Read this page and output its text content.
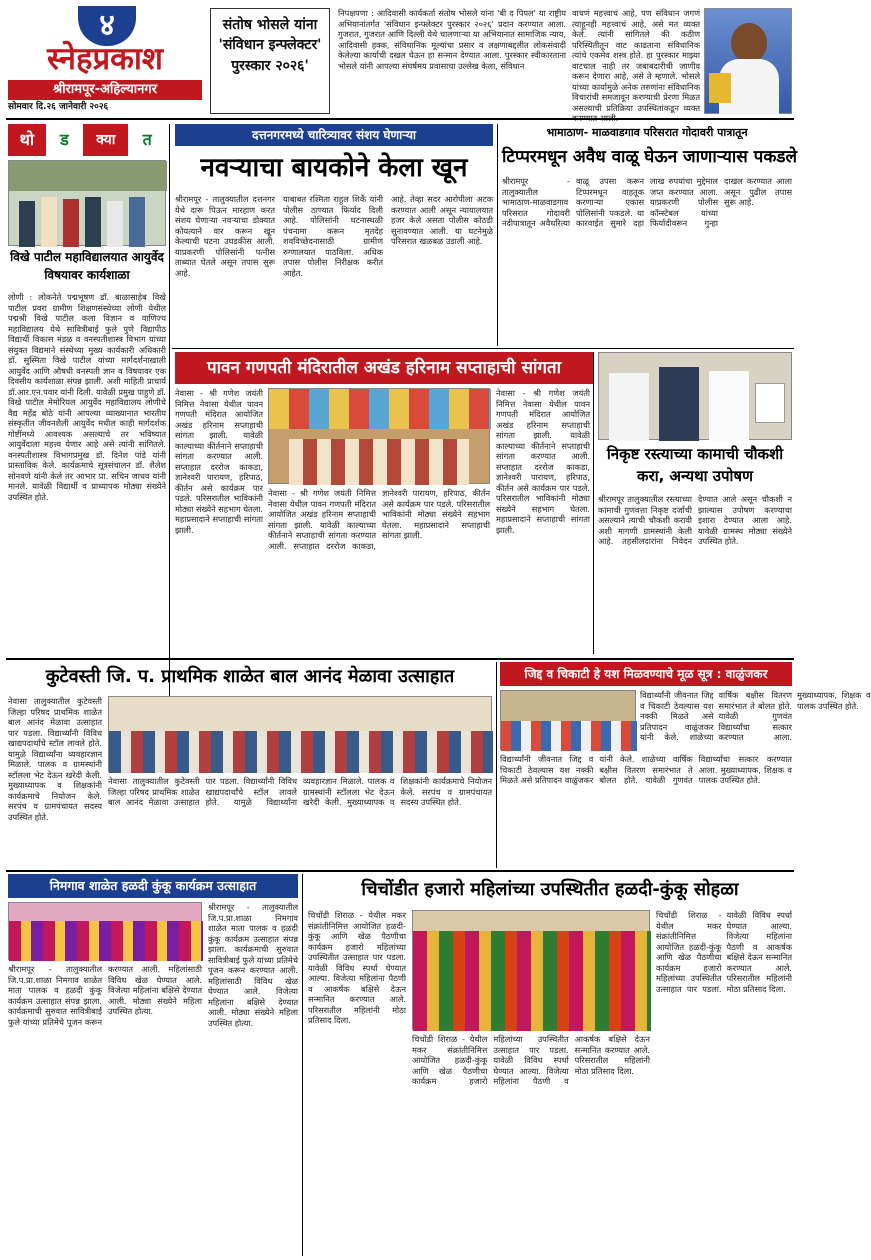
४
स्नेहप्रकाश
श्रीरामपूर-अहिल्यानगर
सोमवार दि.२६ जानेवारी २०२६
संतोष भोसले यांना 'संविधान इन्फ्लेक्टर' पुरस्कार २०२६'
निपक्षपणा : आदिवासी कार्यकर्ता संतोष भोसले यांना 'बी द पिपल' या राष्ट्रीय अभियानांतर्गत 'संविधान इन्फ्लेक्टर पुरस्कार २०२६' प्रदान करण्यात आला. गुजरात, गुजरात आणि दिल्ली येथे चालणाऱ्या या अभियानात सामाजिक न्याय, आदिवासी हक्क, संविधानिक मूल्यांचा प्रसार व लक्षणाबद्दलीत लोकसंवादी केलेल्या कार्याची दखल घेऊन हा सन्मान देण्यात आला. पुरस्कार स्वीकारताना भोसले यांनी आपल्या संघर्षमय प्रवासाचा उल्लेख केला, संविधान
वाचणं महत्त्वाचं आहे, पण संविधान जगणं त्याहूनही महत्त्वाचं आहे, असे मत व्यक्त केले. त्यांनी सांगितले की कठीण परिस्थितीतून वाट काढताना संविधानिक त्यांचे एकमेव शस्त्र होते. हा पुरस्कार माझ्या वाटचाल नाही तर जबाबदारीची जाणीव करून देणारा आहे, असे ते म्हणाले. भोसले यांच्या कार्यामुळे अनेक तरुणांना संविधानिक विचारांची समजावून करण्याची प्रेरणा मिळत असल्याची प्रतिक्रिया उपस्थितांकडून व्यक्त
थो	ड	क्या	त
विखे पाटील महाविद्यालयात आयुर्वेद विषयावर कार्यशाळा
लोणी : लोकनेते पद्मभूषण डॉ. बाळासाहेब विखे पाटील प्रवरा ग्रामीण शिक्षणसंस्थेच्या लोणी येथील पद्मश्री विखे पाटील कला विज्ञान व वाणिज्य महाविद्यालय येथे सावित्रीबाई फुले पुणे विद्यापीठ विद्यार्थी विकास मंडळ व वनस्पतीशास्त्र विभाग यांच्या संयुक्त विद्यमाने संस्थेच्या मुख्य कार्यकारी अधिकारी डॉ. सुस्मिता विखे पाटील यांच्या मार्गदर्शनाखाली आयुर्वेद आणि औषधी वनस्पती ज्ञान व विषयावर एक दिवसीय कार्यशाळा संपन्न झाली. अशी माहिती प्राचार्य डॉ.आर.एन.पवार यांनी दिली. यावेळी प्रमुख पाहुणे डॉ. विखे पाटील मेमोरियल आयुर्वेद महाविद्यालय लोणीचे वैद्य महेंद्र बोठे यांनी आपल्या व्याख्यानात भारतीय संस्कृतीत जीवनशैली आयुर्वेद मधील काही मार्गदर्शक गोष्टींमध्ये आवश्यक असल्याचे तर भविष्यात आयुर्वेदाला महत्त्व येणार आहे असे त्यांनी सांगितले. वनस्पतीशास्त्र विभागप्रमुख डॉ. दिनेश पांडे यांनी प्रास्ताविक केले. कार्यक्रमाचे सूत्रसंचालन डॉ. शैलेश सोनवणे यांनी केले तर आभार प्रा. सचिन जाधव यांनी मानले. यावेळी विद्यार्थी व प्राध्यापक मोठ्या संख्येने उपस्थित होते.
दत्तनगरमध्ये चारित्र्यावर संशय घेणाऱ्या
नवऱ्याचा बायकोने केला खून
श्रीरामपूर - तालुक्यातील दत्तनगर येथे दारू पिऊन मारहाण करत संशय घेणाऱ्या नवऱ्याचा डोक्यात कोयत्याने वार करून खून केल्याची घटना उघडकीस आली. याप्रकरणी पोलिसांनी पत्नीस ताब्यात घेतले असून तपास सुरू आहे.
याबाबत रश्मिता राहुल शिर्के यांनी पोलीस ठाण्यात फिर्याद दिली आहे. पोलिसांनी घटनास्थळी पंचनामा करून मृतदेह शवविच्छेदनासाठी ग्रामीण रुग्णालयात पाठविला. अधिक तपास पोलीस निरीक्षक करीत आहेत.
आहे. तेव्हा सदर आरोपीला अटक करण्यात आली असून न्यायालयात हजर केले असता पोलीस कोठडी सुनावण्यात आली. या घटनेमुळे परिसरात खळबळ उडाली आहे.
भामाठाण- माळवाडगाव परिसरात गोदावरी पात्रातून
टिप्परमधून अवैध वाळू घेऊन जाणाऱ्यास पकडले
श्रीरामपूर - तालुक्यातील भामाठाण-माळवाडगाव परिसरात गोदावरी नदीपात्रातून अवैधरित्या वाळू उपसा करून टिप्परमधून वाहतूक करणाऱ्या एकास पोलिसांनी पकडले. या कारवाईत सुमारे दहा लाख रुपयांचा मुद्देमाल जप्त करण्यात आला. याप्रकरणी पोलीस कॉन्स्टेबल यांच्या फिर्यादीवरून गुन्हा दाखल करण्यात आला असून पुढील तपास सुरू आहे.
पावन गणपती मंदिरातील अखंड हरिनाम सप्ताहाची सांगता
नेवासा - श्री गणेश जयंती निमित्त नेवासा येथील पावन गणपती मंदिरात आयोजित अखंड हरिनाम सप्ताहाची सांगता झाली. यावेळी काल्याच्या कीर्तनाने सप्ताहाची सांगता करण्यात आली. सप्ताहात दररोज काकडा, ज्ञानेश्वरी पारायण, हरिपाठ, कीर्तन असे कार्यक्रम पार पडले. परिसरातील भाविकांनी मोठ्या संख्येने सहभाग घेतला. महाप्रसादाने सप्ताहाची सांगता झाली.
नेवासा - श्री गणेश जयंती निमित्त नेवासा येथील पावन गणपती मंदिरात आयोजित अखंड हरिनाम सप्ताहाची सांगता झाली. यावेळी काल्याच्या कीर्तनाने सप्ताहाची सांगता करण्यात आली. सप्ताहात दररोज काकडा, ज्ञानेश्वरी पारायण, हरिपाठ, कीर्तन असे कार्यक्रम पार पडले. परिसरातील भाविकांनी मोठ्या संख्येने सहभाग घेतला. महाप्रसादाने सप्ताहाची सांगता झाली.
नेवासा - श्री गणेश जयंती निमित्त नेवासा येथील पावन गणपती मंदिरात आयोजित अखंड हरिनाम सप्ताहाची सांगता झाली. यावेळी काल्याच्या कीर्तनाने सप्ताहाची सांगता करण्यात आली. सप्ताहात दररोज काकडा, ज्ञानेश्वरी पारायण, हरिपाठ, कीर्तन असे कार्यक्रम पार पडले. परिसरातील भाविकांनी मोठ्या संख्येने सहभाग घेतला. महाप्रसादाने सप्ताहाची सांगता झाली.
निकृष्ट रस्त्याच्या कामाची चौकशी करा, अन्यथा उपोषण
श्रीरामपूर तालुक्यातील रस्त्याच्या कामाची गुणवत्ता निकृष्ट दर्जाची असल्याने त्याची चौकशी करावी अशी मागणी ग्रामस्थांनी केली आहे. तहसीलदारांना निवेदन देण्यात आले असून चौकशी न झाल्यास उपोषण करण्याचा इशारा देण्यात आला आहे. यावेळी ग्रामस्थ मोठ्या संख्येने उपस्थित होते.
कुटेवस्ती जि. प. प्राथमिक शाळेत बाल आनंद मेळावा उत्साहात
नेवासा तालुक्यातील कुटेवस्ती जिल्हा परिषद प्राथमिक शाळेत बाल आनंद मेळावा उत्साहात पार पडला. विद्यार्थ्यांनी विविध खाद्यपदार्थांचे स्टॉल लावले होते. यामुळे विद्यार्थ्यांना व्यवहारज्ञान मिळाले. पालक व ग्रामस्थांनी स्टॉलला भेट देऊन खरेदी केली. मुख्याध्यापक व शिक्षकांनी कार्यक्रमाचे नियोजन केले. सरपंच व ग्रामपंचायत सदस्य उपस्थित होते.
नेवासा तालुक्यातील कुटेवस्ती जिल्हा परिषद प्राथमिक शाळेत बाल आनंद मेळावा उत्साहात पार पडला. विद्यार्थ्यांनी विविध खाद्यपदार्थांचे स्टॉल लावले होते. यामुळे विद्यार्थ्यांना व्यवहारज्ञान मिळाले. पालक व ग्रामस्थांनी स्टॉलला भेट देऊन खरेदी केली. मुख्याध्यापक व शिक्षकांनी कार्यक्रमाचे नियोजन केले. सरपंच व ग्रामपंचायत सदस्य उपस्थित होते.
जिद्द व चिकाटी हे यश मिळवण्याचे मूळ सूत्र : वाळुंजकर
विद्यार्थ्यांनी जीवनात जिद्द व चिकाटी ठेवल्यास यश नक्की मिळते असे प्रतिपादन वाळुंजकर यांनी केले. शाळेच्या वार्षिक बक्षीस वितरण समारंभात ते बोलत होते. यावेळी गुणवंत विद्यार्थ्यांचा सत्कार करण्यात आला. मुख्याध्यापक, शिक्षक व पालक उपस्थित होते.
विद्यार्थ्यांनी जीवनात जिद्द व चिकाटी ठेवल्यास यश नक्की मिळते असे प्रतिपादन वाळुंजकर यांनी केले. शाळेच्या वार्षिक बक्षीस वितरण समारंभात ते बोलत होते. यावेळी गुणवंत विद्यार्थ्यांचा सत्कार करण्यात आला. मुख्याध्यापक, शिक्षक व पालक उपस्थित होते.
निमगाव शाळेत हळदी कुंकू कार्यक्रम उत्साहात
श्रीरामपूर - तालुक्यातील जि.प.प्रा.शाळा निमगाव शाळेत माता पालक व हळदी कुंकू कार्यक्रम उत्साहात संपन्न झाला. कार्यक्रमाची सुरुवात सावित्रीबाई फुले यांच्या प्रतिमेचे पूजन करून करण्यात आली. महिलांसाठी विविध खेळ घेण्यात आले. विजेत्या महिलांना बक्षिसे देण्यात आली. मोठ्या संख्येने महिला उपस्थित होत्या.
श्रीरामपूर - तालुक्यातील जि.प.प्रा.शाळा निमगाव शाळेत माता पालक व हळदी कुंकू कार्यक्रम उत्साहात संपन्न झाला. कार्यक्रमाची सुरुवात सावित्रीबाई फुले यांच्या प्रतिमेचे पूजन करून करण्यात आली. महिलांसाठी विविध खेळ घेण्यात आले. विजेत्या महिलांना बक्षिसे देण्यात आली. मोठ्या संख्येने महिला उपस्थित होत्या.
चिचोंडीत हजारो महिलांच्या उपस्थितीत हळदी-कुंकू सोहळा
चिचोंडी शिराळ - येथील मकर संक्रांतीनिमित्त आयोजित हळदी-कुंकू आणि खेळ पैठणीचा कार्यक्रम हजारो महिलांच्या उपस्थितीत उत्साहात पार पडला. यावेळी विविध स्पर्धा घेण्यात आल्या. विजेत्या महिलांना पैठणी व आकर्षक बक्षिसे देऊन सन्मानित करण्यात आले. परिसरातील महिलांनी मोठा प्रतिसाद दिला.
चिचोंडी शिराळ - येथील मकर संक्रांतीनिमित्त आयोजित हळदी-कुंकू आणि खेळ पैठणीचा कार्यक्रम हजारो महिलांच्या उपस्थितीत उत्साहात पार पडला. यावेळी विविध स्पर्धा घेण्यात आल्या. विजेत्या महिलांना पैठणी व आकर्षक बक्षिसे देऊन सन्मानित करण्यात आले. परिसरातील महिलांनी मोठा प्रतिसाद दिला.
चिचोंडी शिराळ - येथील मकर संक्रांतीनिमित्त आयोजित हळदी-कुंकू आणि खेळ पैठणीचा कार्यक्रम हजारो महिलांच्या उपस्थितीत उत्साहात पार पडला. यावेळी विविध स्पर्धा घेण्यात आल्या. विजेत्या महिलांना पैठणी व आकर्षक बक्षिसे देऊन सन्मानित करण्यात आले. परिसरातील महिलांनी मोठा प्रतिसाद दिला.
